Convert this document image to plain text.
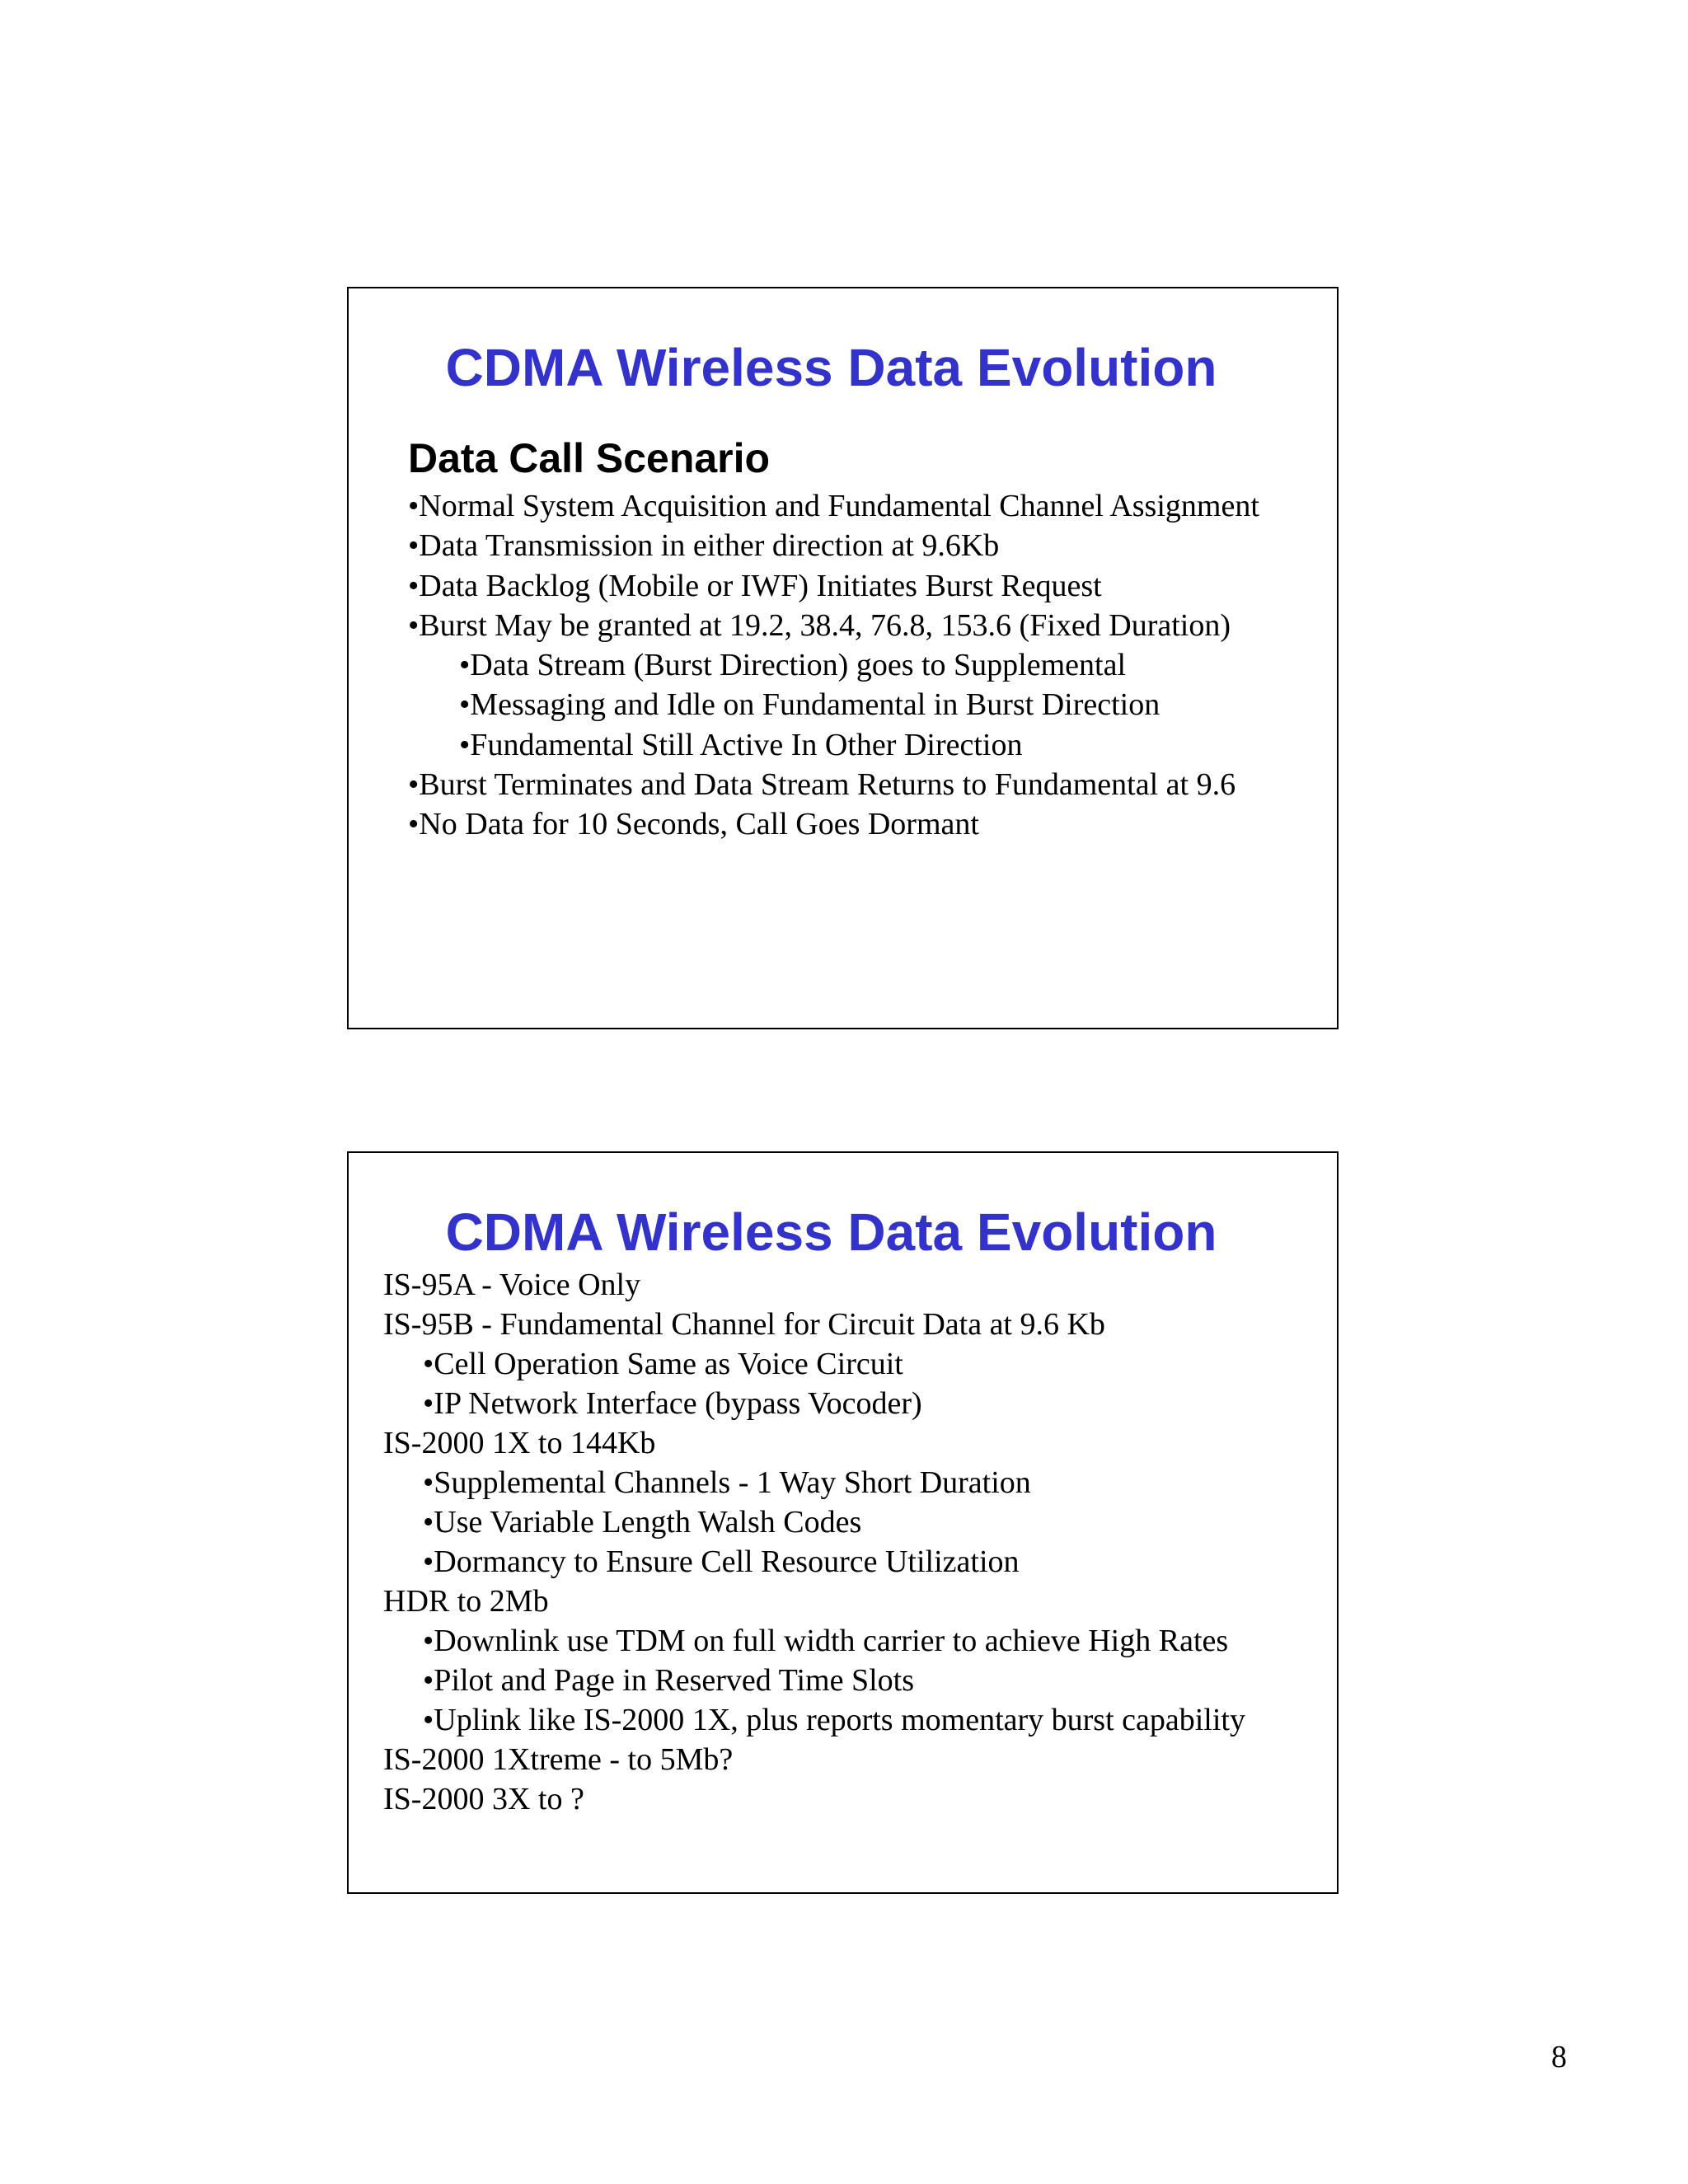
CDMA Wireless Data Evolution
Data Call Scenario
•Normal System Acquisition and Fundamental Channel Assignment
•Data Transmission in either direction at 9.6Kb
•Data Backlog (Mobile or IWF) Initiates Burst Request
•Burst May be granted at 19.2, 38.4, 76.8, 153.6 (Fixed Duration)
•Data Stream (Burst Direction) goes to Supplemental
•Messaging and Idle on Fundamental in Burst Direction
•Fundamental Still Active In Other Direction
•Burst Terminates and Data Stream Returns to Fundamental at 9.6
•No Data for 10 Seconds, Call Goes Dormant
CDMA Wireless Data Evolution
IS-95A - Voice Only
IS-95B - Fundamental Channel for Circuit Data at 9.6 Kb
•Cell Operation Same as Voice Circuit
•IP Network Interface (bypass Vocoder)
IS-2000 1X to 144Kb
•Supplemental Channels - 1 Way Short Duration
•Use Variable Length Walsh Codes
•Dormancy to Ensure Cell Resource Utilization
HDR to 2Mb
•Downlink use TDM on full width carrier to achieve High Rates
•Pilot and Page in Reserved Time Slots
•Uplink like IS-2000 1X, plus reports momentary burst capability
IS-2000 1Xtreme - to 5Mb?
IS-2000 3X to ?
8
